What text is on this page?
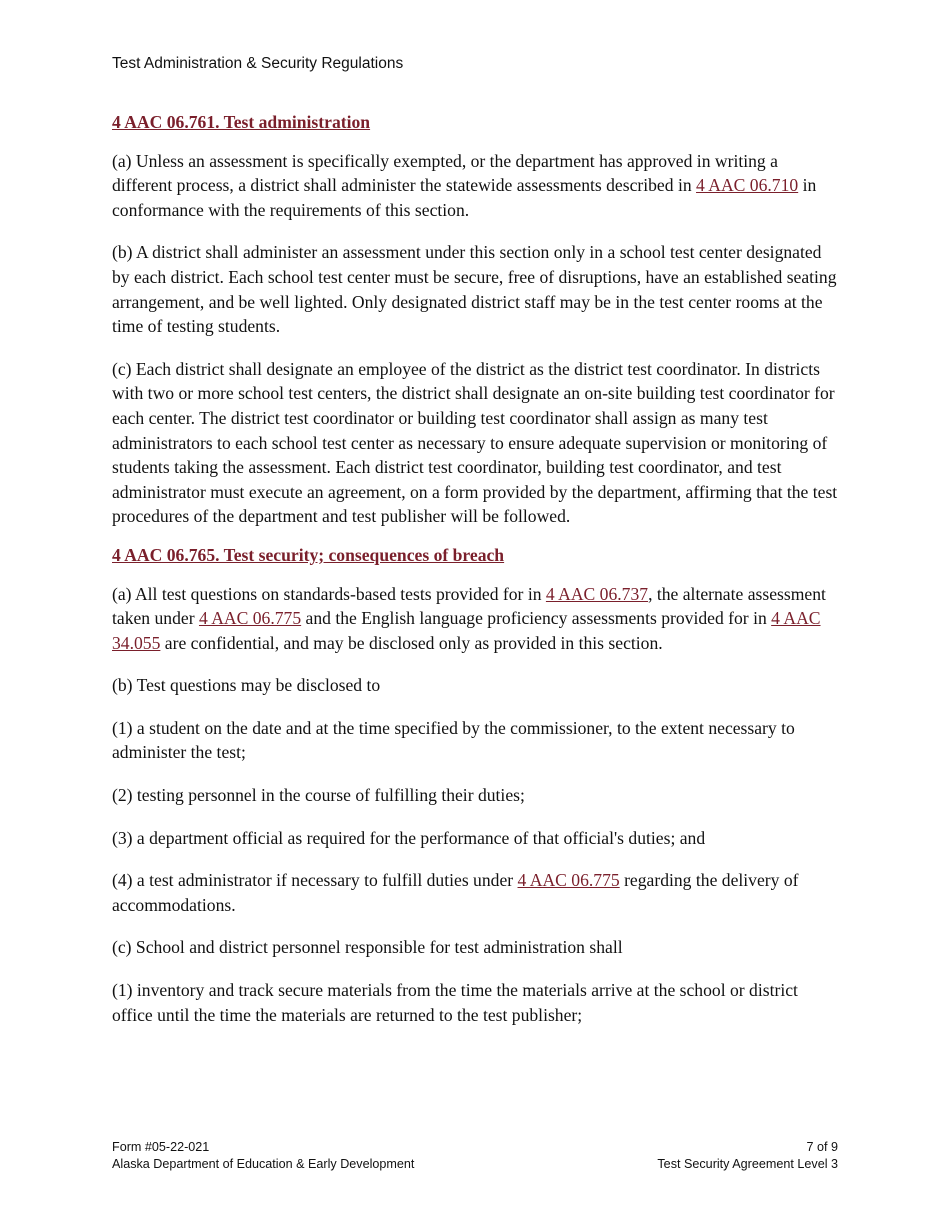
Test Administration & Security Regulations
4 AAC 06.761. Test administration

(a) Unless an assessment is specifically exempted, or the department has approved in writing a different process, a district shall administer the statewide assessments described in 4 AAC 06.710 in conformance with the requirements of this section.

(b) A district shall administer an assessment under this section only in a school test center designated by each district. Each school test center must be secure, free of disruptions, have an established seating arrangement, and be well lighted. Only designated district staff may be in the test center rooms at the time of testing students.

(c) Each district shall designate an employee of the district as the district test coordinator. In districts with two or more school test centers, the district shall designate an on-site building test coordinator for each center. The district test coordinator or building test coordinator shall assign as many test administrators to each school test center as necessary to ensure adequate supervision or monitoring of students taking the assessment. Each district test coordinator, building test coordinator, and test administrator must execute an agreement, on a form provided by the department, affirming that the test procedures of the department and test publisher will be followed.

4 AAC 06.765. Test security; consequences of breach

(a) All test questions on standards-based tests provided for in 4 AAC 06.737, the alternate assessment taken under 4 AAC 06.775 and the English language proficiency assessments provided for in 4 AAC 34.055 are confidential, and may be disclosed only as provided in this section.

(b) Test questions may be disclosed to

(1) a student on the date and at the time specified by the commissioner, to the extent necessary to administer the test;

(2) testing personnel in the course of fulfilling their duties;

(3) a department official as required for the performance of that official's duties; and

(4) a test administrator if necessary to fulfill duties under 4 AAC 06.775 regarding the delivery of accommodations.

(c) School and district personnel responsible for test administration shall

(1) inventory and track secure materials from the time the materials arrive at the school or district office until the time the materials are returned to the test publisher;

Form #05-22-021
Alaska Department of Education & Early Development
7 of 9
Test Security Agreement Level 3
